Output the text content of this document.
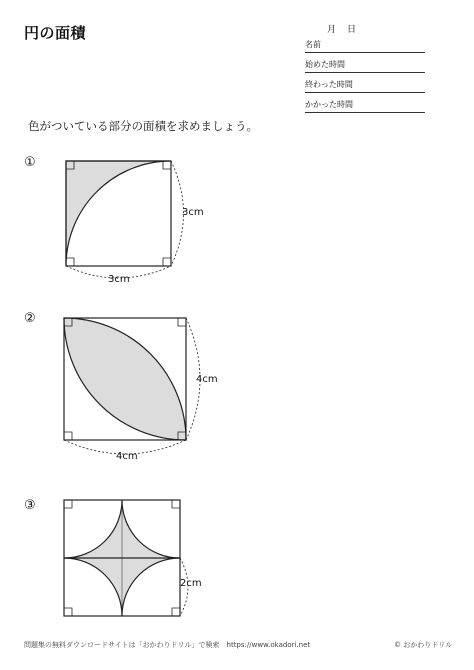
円の面積	月 日
名前
始めた時間
終わった時間
かかった時間
色がついている部分の面積を求めましょう。
①
②
③
3cm
3cm
4cm
4cm
2cm
問題集の無料ダウンロードサイトは「おかわりドリル」で検索　https://www.okadori.net	© おかわりドリル
